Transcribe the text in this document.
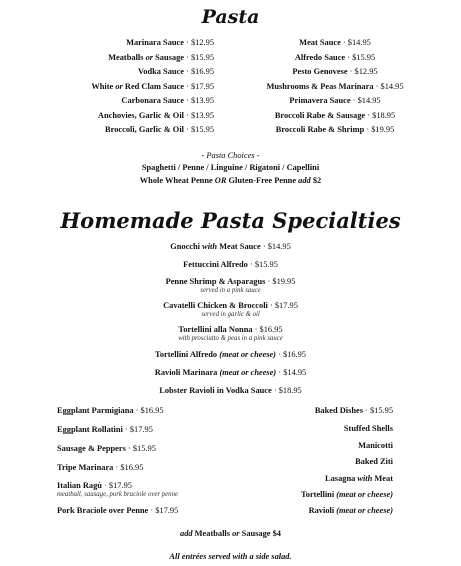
Pasta
Marinara Sauce · $12.95
Meatballs or Sausage · $15.95
Vodka Sauce · $16.95
White or Red Clam Sauce · $17.95
Carbonara Sauce · $13.95
Anchovies, Garlic & Oil · $13.95
Broccoli, Garlic & Oil · $15.95
Meat Sauce · $14.95
Alfredo Sauce · $15.95
Pesto Genovese · $12.95
Mushrooms & Peas Marinara · $14.95
Primavera Sauce · $14.95
Broccoli Rabe & Sausage · $18.95
Broccoli Rabe & Shrimp · $19.95
- Pasta Choices -
Spaghetti / Penne / Linguine / Rigatoni / Capellini
Whole Wheat Penne OR Gluten-Free Penne add $2
Homemade Pasta Specialties
Gnocchi with Meat Sauce · $14.95
Fettuccini Alfredo · $15.95
Penne Shrimp & Asparagus · $19.95
served in a pink sauce
Cavatelli Chicken & Broccoli · $17.95
served in garlic & oil
Tortellini alla Nonna · $16.95
with prosciutto & peas in a pink sauce
Tortellini Alfredo (meat or cheese) · $16.95
Ravioli Marinara (meat or cheese) · $14.95
Lobster Ravioli in Vodka Sauce · $18.95
Eggplant Parmigiana · $16.95
Eggplant Rollatini · $17.95
Sausage & Peppers · $15.95
Tripe Marinara · $16.95
Italian Ragù · $17.95
meatball, sausage, pork braciole over penne
Pork Braciole over Penne · $17.95
Baked Dishes · $15.95
Stuffed Shells
Manicotti
Baked Ziti
Lasagna with Meat
Tortellini (meat or cheese)
Ravioli (meat or cheese)
add Meatballs or Sausage $4
All entrées served with a side salad.
